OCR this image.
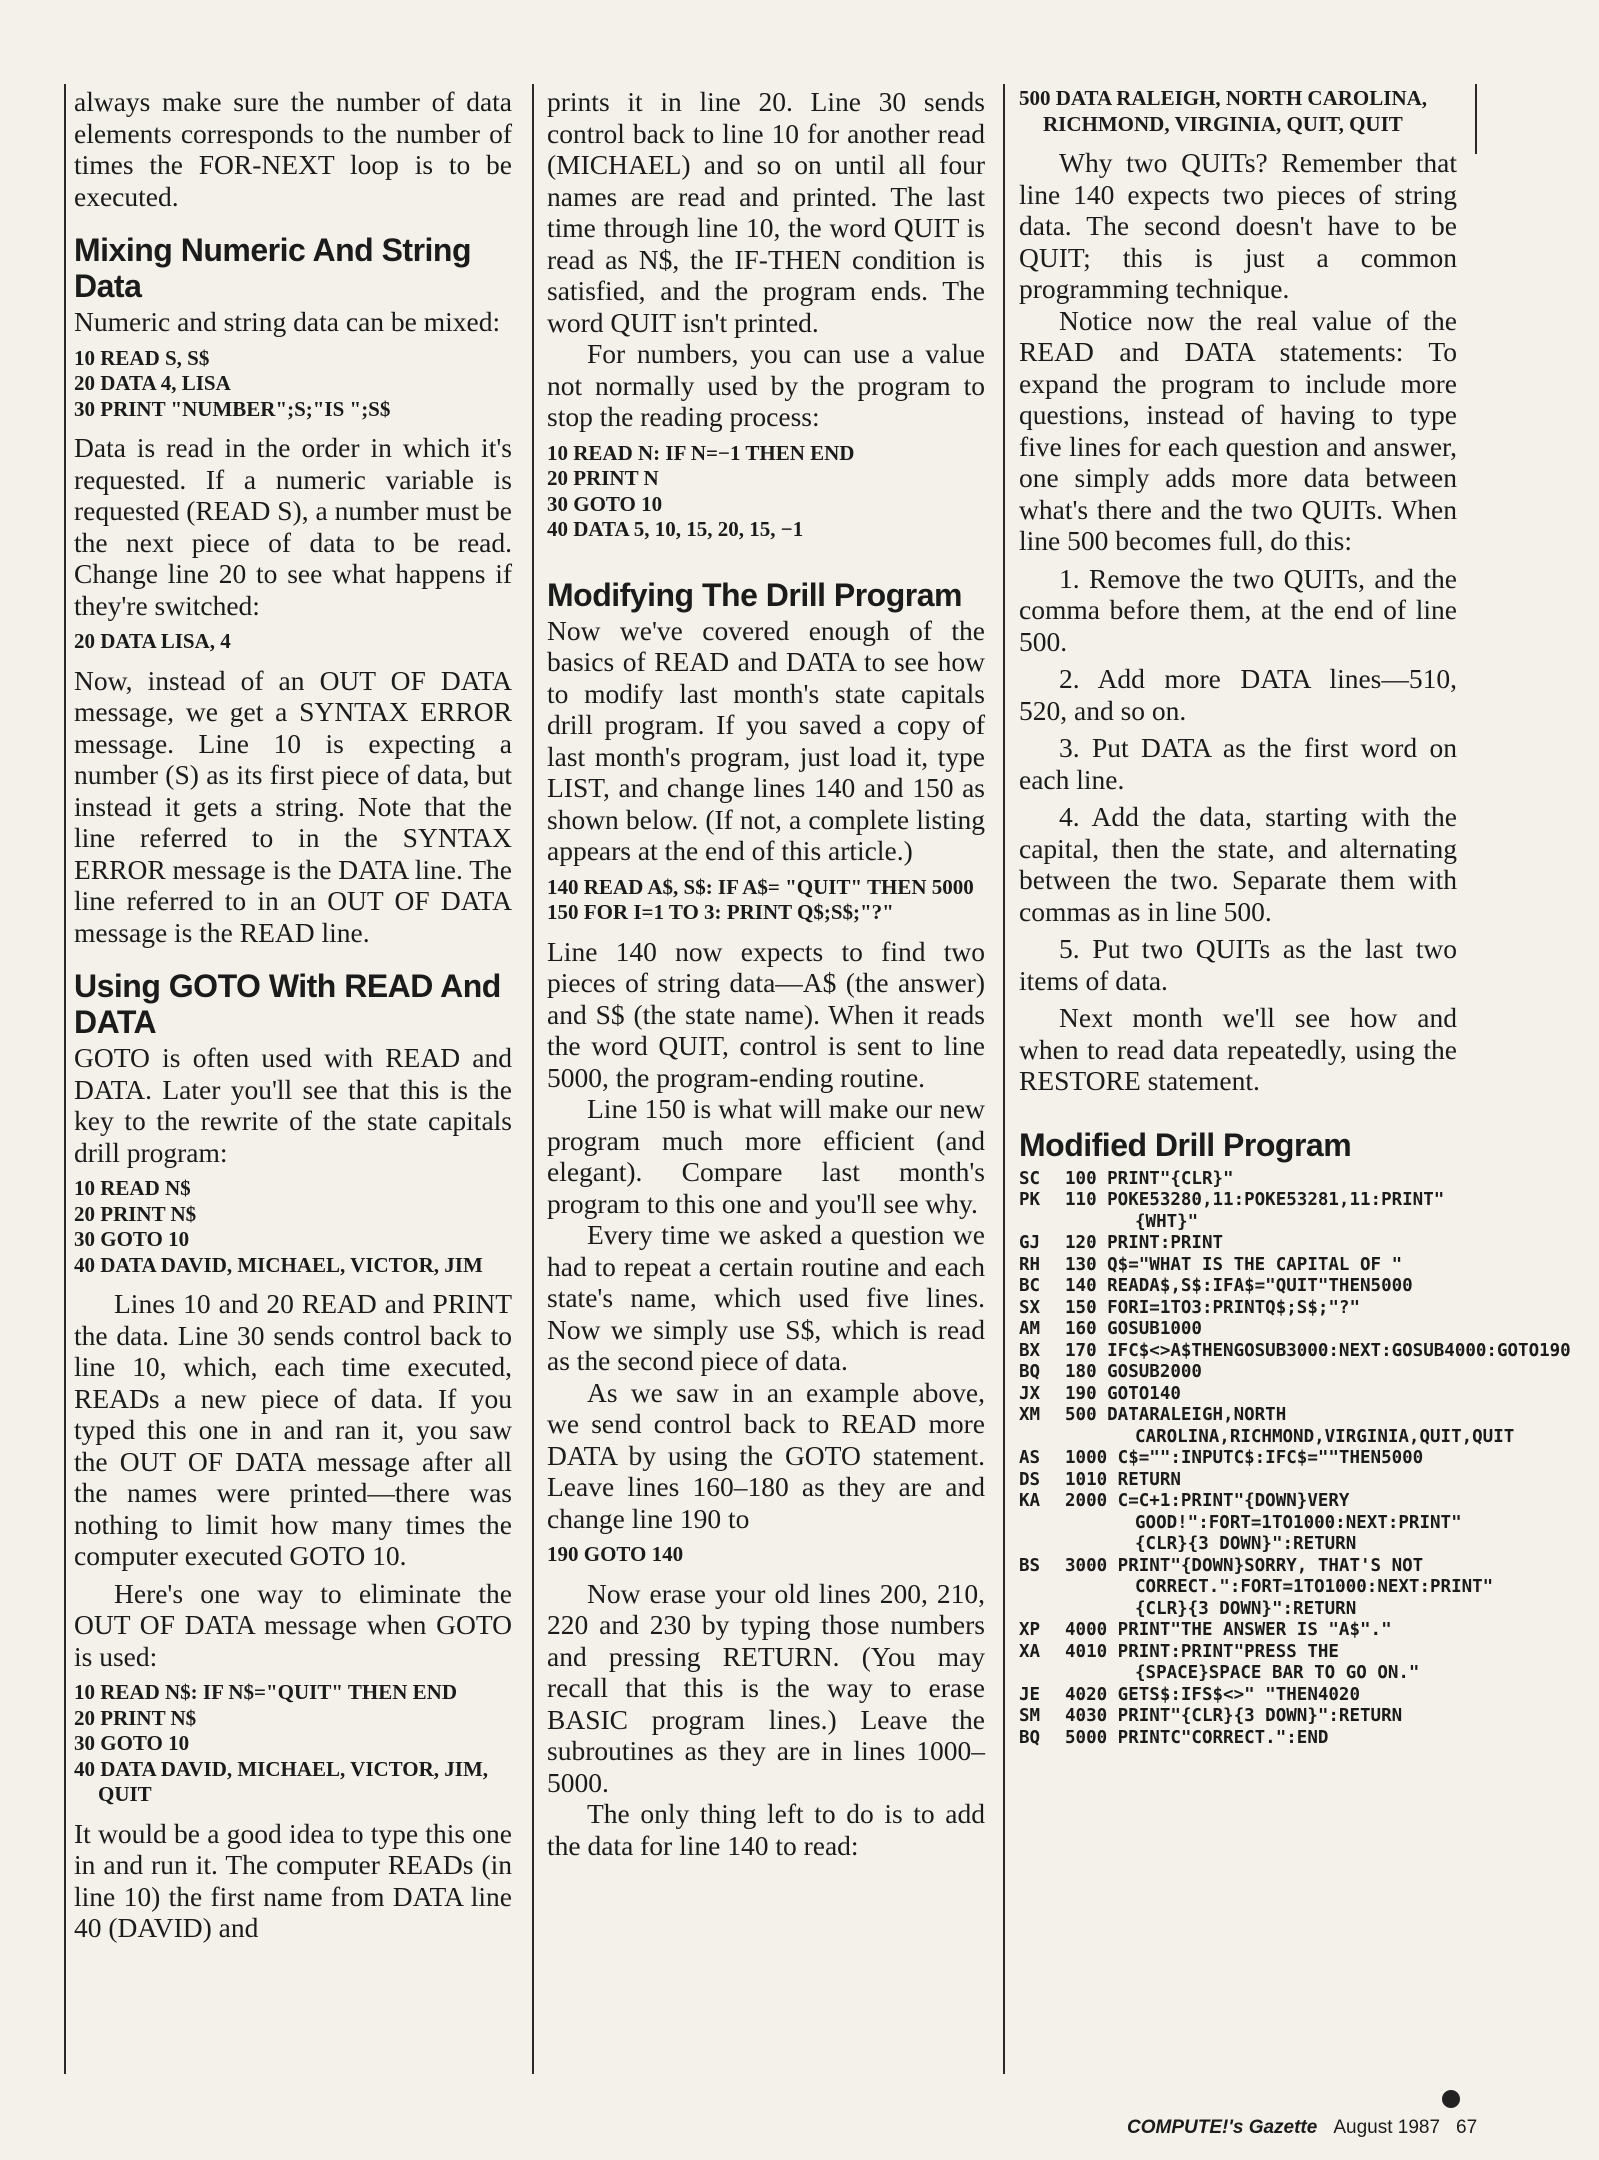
always make sure the number of data elements corresponds to the number of times the FOR-NEXT loop is to be executed.

Mixing Numeric And String Data

Numeric and string data can be mixed:

10 READ S, S$
20 DATA 4, LISA
30 PRINT "NUMBER";S;"IS ";S$

Data is read in the order in which it's requested. If a numeric variable is requested (READ S), a number must be the next piece of data to be read. Change line 20 to see what happens if they're switched:

20 DATA LISA, 4

Now, instead of an OUT OF DATA message, we get a SYNTAX ERROR message. Line 10 is expecting a number (S) as its first piece of data, but instead it gets a string. Note that the line referred to in the SYNTAX ERROR message is the DATA line. The line referred to in an OUT OF DATA message is the READ line.

Using GOTO With READ And DATA

GOTO is often used with READ and DATA. Later you'll see that this is the key to the rewrite of the state capitals drill program:

10 READ N$
20 PRINT N$
30 GOTO 10
40 DATA DAVID, MICHAEL, VICTOR, JIM

Lines 10 and 20 READ and PRINT the data. Line 30 sends control back to line 10, which, each time executed, READs a new piece of data. If you typed this one in and ran it, you saw the OUT OF DATA message after all the names were printed—there was nothing to limit how many times the computer executed GOTO 10.

Here's one way to eliminate the OUT OF DATA message when GOTO is used:

10 READ N$: IF N$="QUIT" THEN END
20 PRINT N$
30 GOTO 10
40 DATA DAVID, MICHAEL, VICTOR, JIM, QUIT

It would be a good idea to type this one in and run it. The computer READs (in line 10) the first name from DATA line 40 (DAVID) and

prints it in line 20. Line 30 sends control back to line 10 for another read (MICHAEL) and so on until all four names are read and printed. The last time through line 10, the word QUIT is read as N$, the IF-THEN condition is satisfied, and the program ends. The word QUIT isn't printed.

For numbers, you can use a value not normally used by the program to stop the reading process:

10 READ N: IF N=−1 THEN END
20 PRINT N
30 GOTO 10
40 DATA 5, 10, 15, 20, 15, −1
Modifying The Drill Program

Now we've covered enough of the basics of READ and DATA to see how to modify last month's state capitals drill program. If you saved a copy of last month's program, just load it, type LIST, and change lines 140 and 150 as shown below. (If not, a complete listing appears at the end of this article.)

140 READ A$, S$: IF A$= "QUIT" THEN 5000
150 FOR I=1 TO 3: PRINT Q$;S$;"?"

Line 140 now expects to find two pieces of string data—A$ (the answer) and S$ (the state name). When it reads the word QUIT, control is sent to line 5000, the program-ending routine.

Line 150 is what will make our new program much more efficient (and elegant). Compare last month's program to this one and you'll see why.

Every time we asked a question we had to repeat a certain routine and each state's name, which used five lines. Now we simply use S$, which is read as the second piece of data.

As we saw in an example above, we send control back to READ more DATA by using the GOTO statement. Leave lines 160–180 as they are and change line 190 to

190 GOTO 140

Now erase your old lines 200, 210, 220 and 230 by typing those numbers and pressing RETURN. (You may recall that this is the way to erase BASIC program lines.) Leave the subroutines as they are in lines 1000–5000.

The only thing left to do is to add the data for line 140 to read:

500 DATA RALEIGH, NORTH CAROLINA, RICHMOND, VIRGINIA, QUIT, QUIT

Why two QUITs? Remember that line 140 expects two pieces of string data. The second doesn't have to be QUIT; this is just a common programming technique.

Notice now the real value of the READ and DATA statements: To expand the program to include more questions, instead of having to type five lines for each question and answer, one simply adds more data between what's there and the two QUITs. When line 500 becomes full, do this:

1. Remove the two QUITs, and the comma before them, at the end of line 500.

2. Add more DATA lines—510, 520, and so on.

3. Put DATA as the first word on each line.

4. Add the data, starting with the capital, then the state, and alternating between the two. Separate them with commas as in line 500.

5. Put two QUITs as the last two items of data.

Next month we'll see how and when to read data repeatedly, using the RESTORE statement.

Modified Drill Program
SC	100 PRINT"{CLR}"
PK	110 POKE53280,11:POKE53281,11:PRINT"{WHT}"
GJ	120 PRINT:PRINT
RH	130 Q$="WHAT IS THE CAPITAL OF "
BC	140 READA$,S$:IFA$="QUIT"THEN5000
SX	150 FORI=1TO3:PRINTQ$;S$;"?"
AM	160 GOSUB1000
BX	170 IFC$<>A$THENGOSUB3000:NEXT:GOSUB4000:GOTO190
BQ	180 GOSUB2000
JX	190 GOTO140
XM	500 DATARALEIGH,NORTH CAROLINA,RICHMOND,VIRGINIA,QUIT,QUIT
AS	1000 C$="":INPUTC$:IFC$=""THEN5000
DS	1010 RETURN
KA	2000 C=C+1:PRINT"{DOWN}VERY GOOD!":FORT=1TO1000:NEXT:PRINT"{CLR}{3 DOWN}":RETURN
BS	3000 PRINT"{DOWN}SORRY, THAT'S NOT CORRECT.":FORT=1TO1000:NEXT:PRINT"{CLR}{3 DOWN}":RETURN
XP	4000 PRINT"THE ANSWER IS "A$"."
XA	4010 PRINT:PRINT"PRESS THE {SPACE}SPACE BAR TO GO ON."
JE	4020 GETS$:IFS$<>" "THEN4020
SM	4030 PRINT"{CLR}{3 DOWN}":RETURN
BQ	5000 PRINTC"CORRECT.":END
COMPUTE!'s Gazette August 1987 67
